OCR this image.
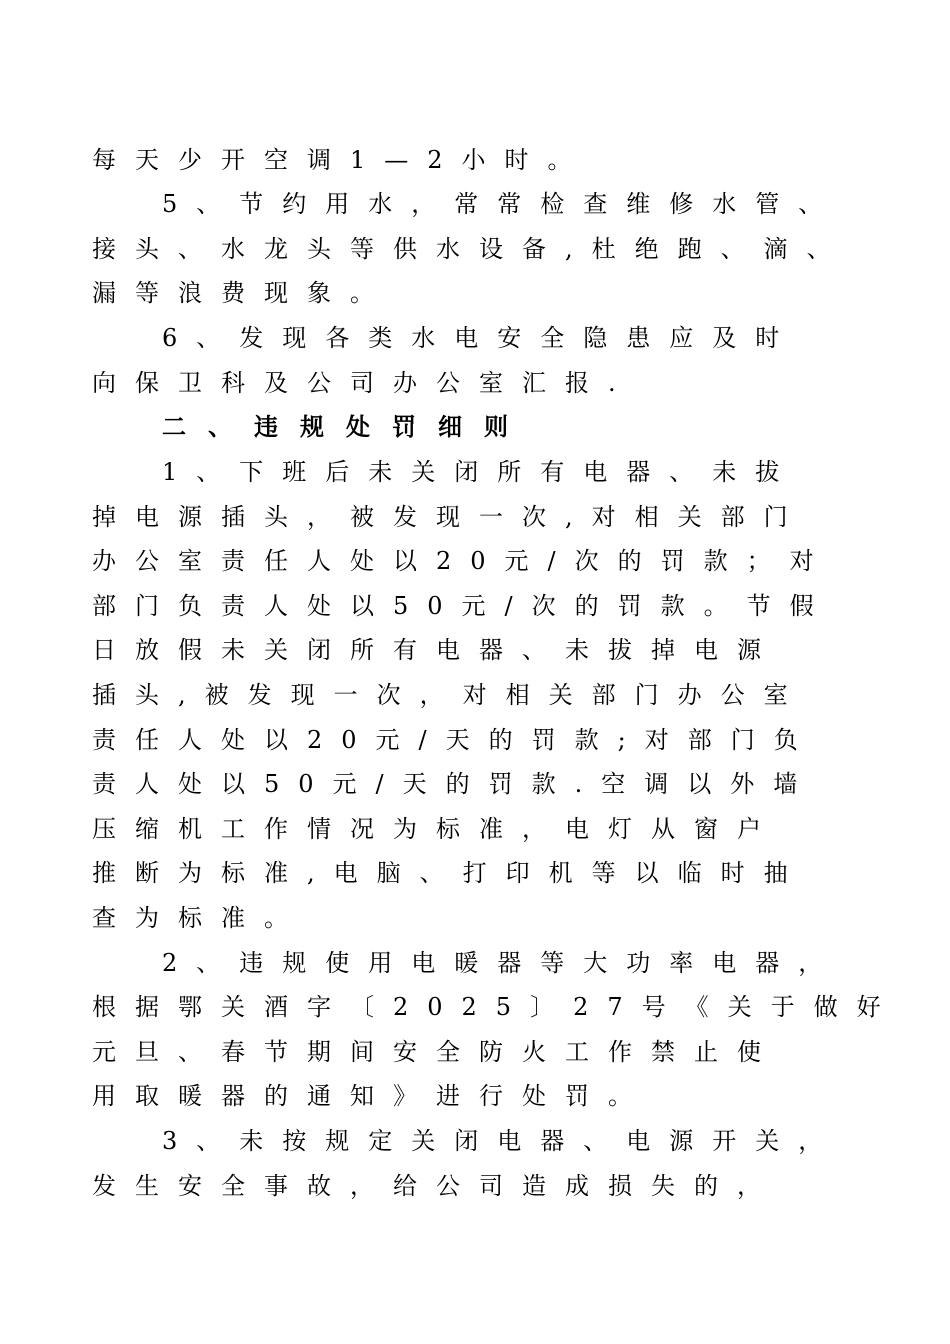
每天少开空调1—2小时。
5、节约用水，常常检查维修水管、
接头、水龙头等供水设备,杜绝跑、滴、
漏等浪费现象。
6、发现各类水电安全隐患应及时
向保卫科及公司办公室汇报.
二、违规处罚细则
1、下班后未关闭所有电器、未拔
掉电源插头，被发现一次,对相关部门
办公室责任人处以20元/次的罚款；对
部门负责人处以50元/次的罚款。节假
日放假未关闭所有电器、未拔掉电源
插头,被发现一次，对相关部门办公室
责任人处以20元/天的罚款;对部门负
责人处以50元/天的罚款.空调以外墙
压缩机工作情况为标准，电灯从窗户
推断为标准,电脑、打印机等以临时抽
查为标准。
2、违规使用电暖器等大功率电器，
根据鄂关酒字〔2025〕27号《关于做好
元旦、春节期间安全防火工作禁止使
用取暖器的通知》进行处罚。
3、未按规定关闭电器、电源开关，
发生安全事故，给公司造成损失的，
